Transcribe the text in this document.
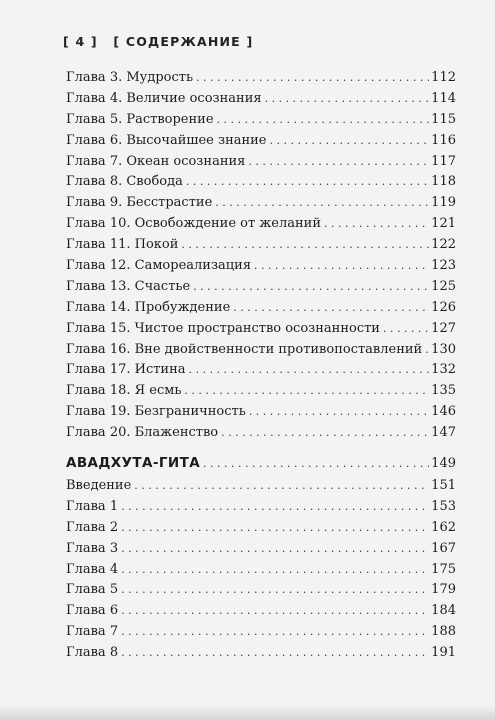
[ 4 ] [ СОДЕРЖАНИЕ ]
Глава 3. Мудрость . . .	112
Глава 4. Величие осознания . . .	114
Глава 5. Растворение . . .	115
Глава 6. Высочайшее знание . . .	116
Глава 7. Океан осознания . . .	117
Глава 8. Свобода . . .	118
Глава 9. Бесстрастие . . .	119
Глава 10. Освобождение от желаний . . .	121
Глава 11. Покой . . .	122
Глава 12. Самореализация . . .	123
Глава 13. Счастье . . .	125
Глава 14. Пробуждение . . .	126
Глава 15. Чистое пространство осознанности . . .	127
Глава 16. Вне двойственности противопоставлений . . . 130
Глава 17. Истина . . .	132
Глава 18. Я есмь . . .	135
Глава 19. Безграничность . . .	146
Глава 20. Блаженство . . .	147
АВАДХУТА-ГИТА . . .	149
Введение . . .	151
Глава 1 . . .	153
Глава 2 . . .	162
Глава 3 . . .	167
Глава 4 . . .	175
Глава 5 . . .	179
Глава 6 . . .	184
Глава 7 . . .	188
Глава 8 . . .	191
